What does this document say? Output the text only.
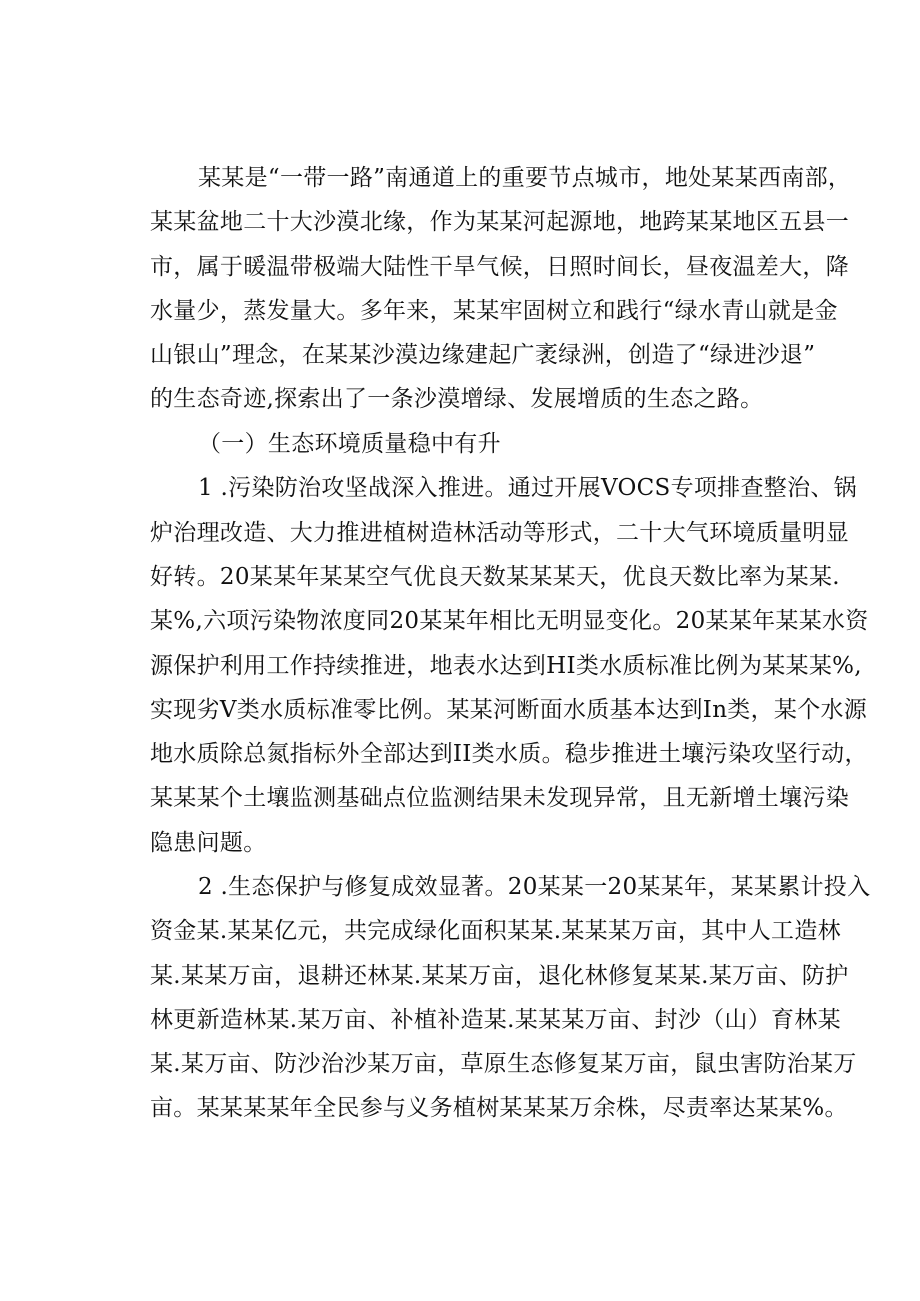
某某是“一带一路”南通道上的重要节点城市，地处某某西南部，
某某盆地二十大沙漠北缘，作为某某河起源地，地跨某某地区五县一
市，属于暖温带极端大陆性干旱气候，日照时间长，昼夜温差大，降
水量少，蒸发量大。多年来，某某牢固树立和践行“绿水青山就是金
山银山”理念，在某某沙漠边缘建起广袤绿洲，创造了“绿进沙退”
的生态奇迹,探索出了一条沙漠增绿、发展增质的生态之路。
（一）生态环境质量稳中有升
1 .污染防治攻坚战深入推进。通过开展VOCS专项排查整治、锅
炉治理改造、大力推进植树造林活动等形式，二十大气环境质量明显
好转。20某某年某某空气优良天数某某某天，优良天数比率为某某.
某%,六项污染物浓度同20某某年相比无明显变化。20某某年某某水资
源保护利用工作持续推进，地表水达到HI类水质标准比例为某某某%,
实现劣V类水质标准零比例。某某河断面水质基本达到In类，某个水源
地水质除总氮指标外全部达到II类水质。稳步推进土壤污染攻坚行动，
某某某个土壤监测基础点位监测结果未发现异常，且无新增土壤污染
隐患问题。
2 .生态保护与修复成效显著。20某某一20某某年，某某累计投入
资金某.某某亿元，共完成绿化面积某某.某某某万亩，其中人工造林
某.某某万亩，退耕还林某.某某万亩，退化林修复某某.某万亩、防护
林更新造林某.某万亩、补植补造某.某某某万亩、封沙（山）育林某
某.某万亩、防沙治沙某万亩，草原生态修复某万亩，鼠虫害防治某万
亩。某某某某年全民参与义务植树某某某万余株，尽责率达某某%。
